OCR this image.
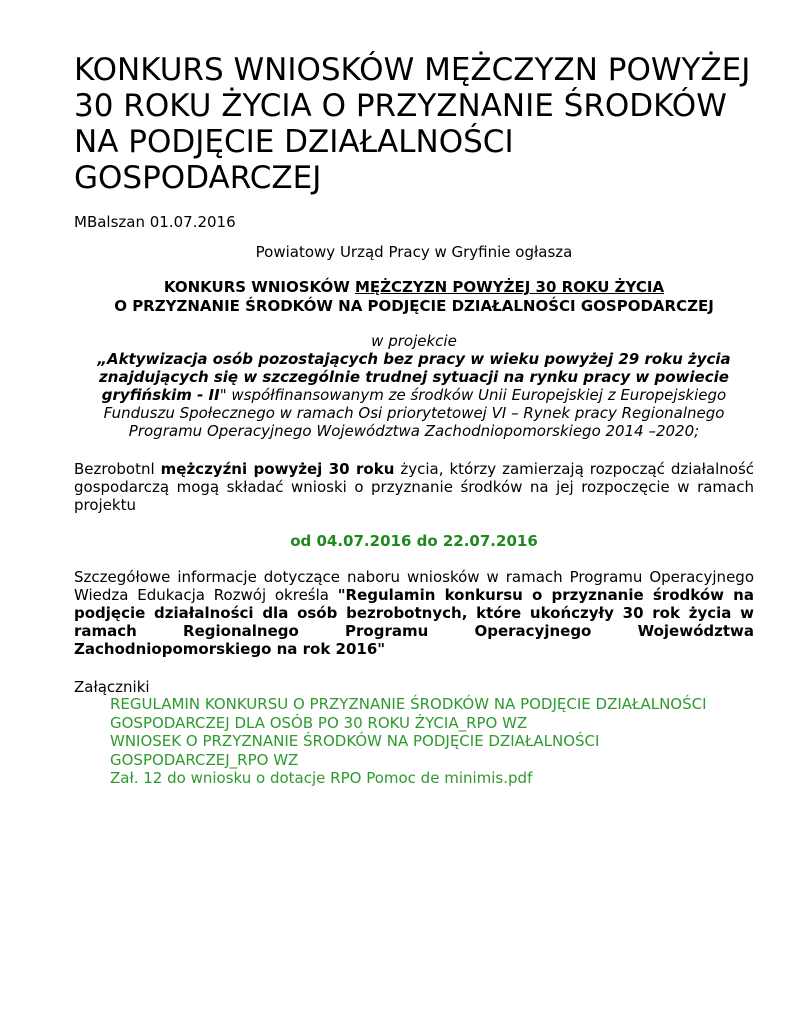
KONKURS WNIOSKÓW MĘŻCZYZN POWYŻEJ 30 ROKU ŻYCIA O PRZYZNANIE ŚRODKÓW NA PODJĘCIE DZIAŁALNOŚCI GOSPODARCZEJ
MBalszan 01.07.2016
Powiatowy Urząd Pracy w Gryfinie ogłasza
KONKURS WNIOSKÓW MĘŻCZYZN POWYŻEJ 30 ROKU ŻYCIA
O PRZYZNANIE ŚRODKÓW NA PODJĘCIE DZIAŁALNOŚCI GOSPODARCZEJ
w projekcie
„Aktywizacja osób pozostających bez pracy w wieku powyżej 29 roku życia znajdujących się w szczególnie trudnej sytuacji na rynku pracy w powiecie gryfińskim - II" współfinansowanym ze środków Unii Europejskiej z Europejskiego Funduszu Społecznego w ramach Osi priorytetowej VI – Rynek pracy Regionalnego Programu Operacyjnego Województwa Zachodniopomorskiego 2014 –2020;
Bezrobotnl mężczyźni powyżej 30 roku życia, którzy zamierzają rozpocząć działalność gospodarczą mogą składać wnioski o przyznanie środków na jej rozpoczęcie w ramach projektu
od 04.07.2016 do 22.07.2016
Szczegółowe informacje dotyczące naboru wniosków w ramach Programu Operacyjnego Wiedza Edukacja Rozwój określa "Regulamin konkursu o przyznanie środków na podjęcie działalności dla osób bezrobotnych, które ukończyły 30 rok życia w ramach Regionalnego Programu Operacyjnego Województwa Zachodniopomorskiego na rok 2016"
Załączniki
REGULAMIN KONKURSU O PRZYZNANIE ŚRODKÓW NA PODJĘCIE DZIAŁALNOŚCI GOSPODARCZEJ DLA OSÓB PO 30 ROKU ŻYCIA_RPO WZ
WNIOSEK O PRZYZNANIE ŚRODKÓW NA PODJĘCIE DZIAŁALNOŚCI GOSPODARCZEJ_RPO WZ
Zał. 12 do wniosku o dotacje RPO Pomoc de minimis.pdf
